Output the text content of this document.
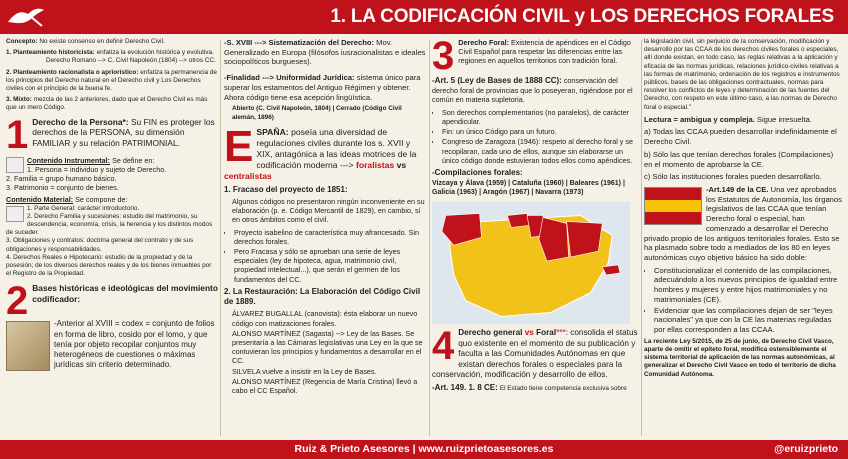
1. LA CODIFICACIÓN CIVIL y LOS DERECHOS FORALES

Concepto: No existe consenso en definir Derecho Civil.

1. Planteamiento historicista: enfatiza la evolución histórica y evolutiva.
Derecho Romano --> C. Civil Napoleón (1804) --> otros CC.

2. Planteamiento racionalista o apriorístico: enfatiza la permanencia de los principios del Derecho natural en el Derecho civil y Los Derechos civiles con el principio de la buena fe.

3. Mixto: mezcla de las 2 anteriores, dado que el Derecho Civil es más que un mero Código.

1 Derecho de la Persona*: Su FIN es proteger los derechos de la PERSONA, su dimensión FAMILIAR y su relación PATRIMONIAL.
Contenido Instrumental: Se define en:
1. Persona = individuo y sujeto de Derecho.
2. Familia = grupo humano básico.
3. Patrimonio = conjunto de bienes.
Contenido Material: Se compone de:
1. Parte General: carácter introductorio.
2. Derecho Familia y sucesiones: estudio del matrimonio, su descendencia, economía, crisis, la herencia y los distintos modos de suceder.
3. Obligaciones y contratos: doctrina general del contrato y de sus obligaciones y responsabilidades.
4. Derechos Reales e Hipotecario: estudio de la propiedad y de la posesión; de los diversos derechos reales y de los bienes inmuebles por el Registro de la Propiedad.
2 Bases históricas e ideológicas del movimiento codificador:
-Anterior al XVIII = codex = conjunto de folios en forma de libro, cosido por el lomo, y que tenía por objeto recopilar conjuntos muy heterogéneos de cuestiones o máximas jurídicas sin criterio determinado.

-S. XVIII ---> Sistematización del Derecho: Mov. Generalizado en Europa (filósofos iusracionalistas e ideales sociopolíticos burgueses).

-Finalidad ---> Uniformidad Jurídica: sistema único para superar los estamentos del Antiguo Régimen y obtener. Ahora código tiene esa acepción lingüística.

Abierto (C. Civil Napoleón, 1804) | Cerrado (Código Civil alemán, 1896)

E SPAÑA: poseía una diversidad de regulaciones civiles durante los s. XVII y XIX, antagónica a las ideas motrices de la codificación moderna ---> foralistas vs centralistas
1. Fracaso del proyecto de 1851:

Algunos códigos no presentaron ningún inconveniente en su elaboración (p. e. Código Mercantil de 1829), en cambio, sí en otros ámbitos como el civil.

• Proyecto isabelino de característica muy afrancesado. Sin derechos forales.
• Pero Fracasa y sólo se aprueban una serie de leyes especiales (ley de hipoteca, agua, matrimonio civil, propiedad intelectual...), que serán el germen de los fundamentos del CC.
2. La Restauración: La Elaboración del Código Civil de 1889.
ÁLVAREZ BUGALLAL (canovista): ésta elaborar un nuevo código con matizaciones forales.
ALONSO MARTÍNEZ (Sagasta) --> Ley de las Bases. Se presentaría a las Cámaras legislativas una Ley en la que se contuvieran los principios y fundamentos a desarrollar en el CC.
SILVELA vuelve a insistir en la Ley de Bases.
ALONSO MARTÍNEZ (Regencia de María Cristina) llevó a cabo el CC Español.
3 Derecho Foral: Existencia de apéndices en el Código Civil Español para respetar las diferencias entre las regiones en aquellos territorios con tradición foral.

-Art. 5 (Ley de Bases de 1888 CC): conservación del derecho foral de provincias que lo poseyeran, rigiéndose por el común en materia supletoria.

• Son derechos complementarios (no paralelos), de carácter apendicular.
• Fin: un único Código para un futuro.
• Congreso de Zaragoza (1946): respeto al derecho foral y se recopilaran, cada uno de ellos, aunque sin elaborarse un único código donde estuvieran todos ellos como apéndices.
-Compilaciones forales:
Vizcaya y Álava (1959) | Cataluña (1960) | Baleares (1961) | Galicia (1963) | Aragón (1967) | Navarra (1973)
4 Derecho general vs Foral***: consolida el status quo existente en el momento de su publicación y faculta a las Comunidades Autónomas en que existan derechos forales o especiales para la conservación, modificación y desarrollo de ellos.

-Art. 149. 1. 8 CE: El Estado tiene competencia exclusiva sobre

la legislación civil, sin perjuicio de la conservación, modificación y desarrollo por las CCAA de los derechos civiles forales o especiales, allí donde existan, en todo caso, las reglas relativas a la aplicación y eficacia de las normas jurídicas, relaciones jurídico-civiles relativas a las formas de matrimonio, ordenación de los registros e instrumentos públicos, bases de las obligaciones contractuales, normas para resolver los conflictos de leyes y determinación de las fuentes del Derecho, con respeto en este último caso, a las normas de Derecho foral o especial."

Lectura = ambigua y compleja. Sigue irresuelta.

a) Todas las CCAA pueden desarrollar indefinidamente el Derecho Civil.

b) Sólo las que tenían derechos forales (Compilaciones) en el momento de aprobarse la CE.

c) Sólo las instituciones forales pueden desarrollarlo.

-Art.149 de la CE. Una vez aprobados los Estatutos de Autonomía, los órganos legislativos de las CCAA que tenían Derecho foral o especial, han comenzado a desarrollar el Derecho privado propio de los antiguos territoriales forales. Esto se ha plasmado sobre todo a mediados de los 80 en leyes autonómicas cuyo objetivo básico ha sido doble:

• Constitucionalizar el contenido de las compilaciones, adecuándolo a los nuevos principios de igualdad entre hombres y mujeres y entre hijos matrimoniales y no matrimoniales (CE).
• Evidenciar que las compilaciones dejan de ser "leyes nacionales" ya que con la CE las materias reguladas por ellas corresponden a las CCAA.

La reciente Ley 5/2015, de 25 de junio, de Derecho Civil Vasco, aparte de omitir el epíteto foral, modifica ostensiblemente el sistema territorial de aplicación de las normas autonómicas, al generalizar el Derecho Civil Vasco en todo el territorio de dicha Comunidad Autónoma.

Ruiz & Prieto Asesores | www.ruizprietoasesores.es	@eruizprieto
